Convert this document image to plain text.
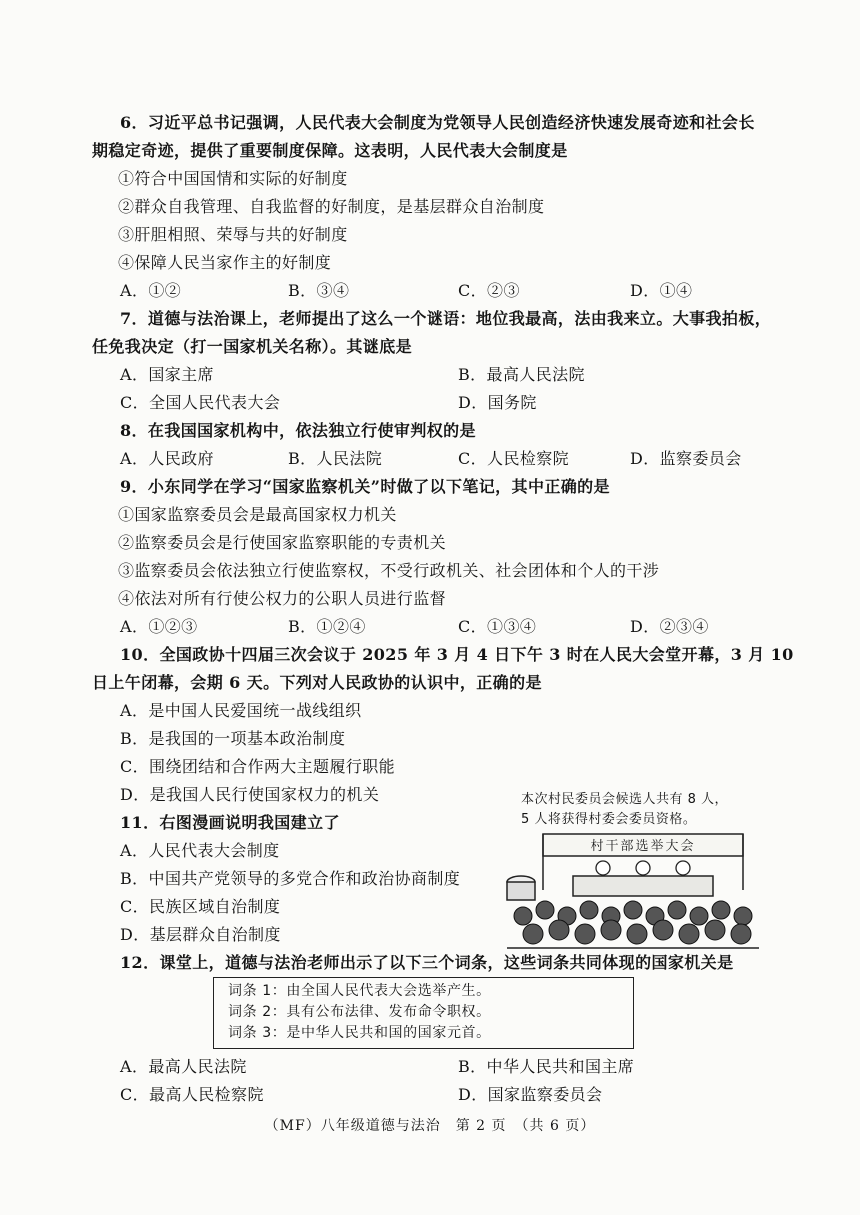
6．习近平总书记强调，人民代表大会制度为党领导人民创造经济快速发展奇迹和社会长
期稳定奇迹，提供了重要制度保障。这表明，人民代表大会制度是
①符合中国国情和实际的好制度
②群众自我管理、自我监督的好制度，是基层群众自治制度
③肝胆相照、荣辱与共的好制度
④保障人民当家作主的好制度
A．①②	B．③④	C．②③	D．①④
7．道德与法治课上，老师提出了这么一个谜语：地位我最高，法由我来立。大事我拍板，
任免我决定（打一国家机关名称）。其谜底是
A．国家主席	B．最高人民法院
C．全国人民代表大会	D．国务院
8．在我国国家机构中，依法独立行使审判权的是
A．人民政府	B．人民法院	C．人民检察院	D．监察委员会
9．小东同学在学习“国家监察机关”时做了以下笔记，其中正确的是
①国家监察委员会是最高国家权力机关
②监察委员会是行使国家监察职能的专责机关
③监察委员会依法独立行使监察权，不受行政机关、社会团体和个人的干涉
④依法对所有行使公权力的公职人员进行监督
A．①②③	B．①②④	C．①③④	D．②③④
10．全国政协十四届三次会议于 2025 年 3 月 4 日下午 3 时在人民大会堂开幕，3 月 10
日上午闭幕，会期 6 天。下列对人民政协的认识中，正确的是
A．是中国人民爱国统一战线组织
B．是我国的一项基本政治制度
C．围绕团结和合作两大主题履行职能
D．是我国人民行使国家权力的机关
11．右图漫画说明我国建立了
A．人民代表大会制度
B．中国共产党领导的多党合作和政治协商制度
C．民族区域自治制度
D．基层群众自治制度
本次村民委员会候选人共有 8 人，
5 人将获得村委会委员资格。
村干部选举大会
12．课堂上，道德与法治老师出示了以下三个词条，这些词条共同体现的国家机关是
词条 1：由全国人民代表大会选举产生。
词条 2：具有公布法律、发布命令职权。
词条 3：是中华人民共和国的国家元首。
A．最高人民法院	B．中华人民共和国主席
C．最高人民检察院	D．国家监察委员会
（MF）八年级道德与法治　第 2 页　（共 6 页）
